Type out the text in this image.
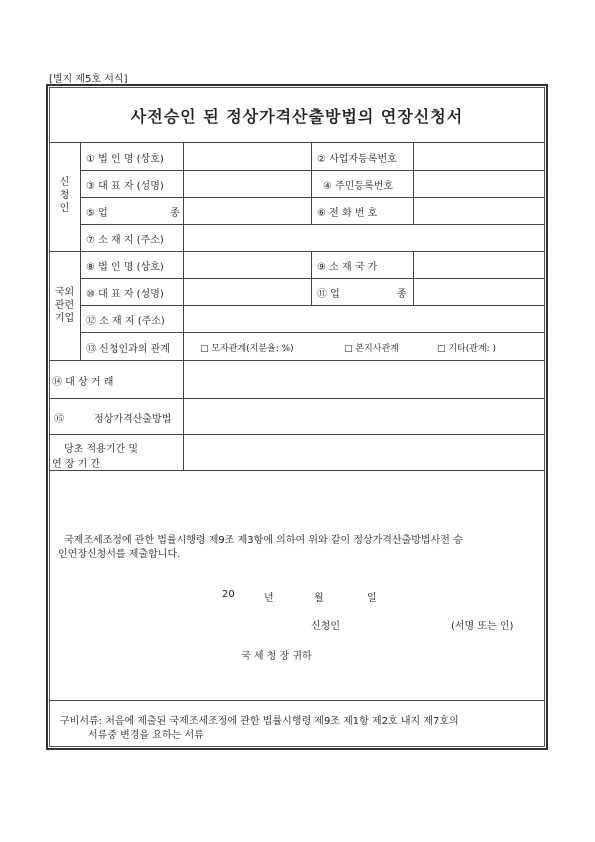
[별지 제5호 서식]
사전승인 된 정상가격산출방법의 연장신청서
신
청
인
① 법 인 명 (상호)	② 사업자등록번호
③ 대 표 자 (성명)	④ 주민등록번호
⑤ 업	종	⑥ 전 화 번 호
⑦ 소 재 지 (주소)
국외
관련
기업
⑧ 법 인 명 (상호)	⑨ 소 재 국 가
⑩ 대 표 자 (성명)	⑪ 업	종
⑫ 소 재 지 (주소)
⑬ 신청인과의 관계	□ 모자관계(지분율: %)	□ 본지사관계	□ 기타(관계: )
⑭ 대 상 거 래
⑮	정상가격산출방법
당초 적용기간 및
연 장 기 간
국제조세조정에 관한 법률시행령 제9조 제3항에 의하여 위와 같이 정상가격산출방법사전 승
인연장신청서를 제출합니다.
20	년	월	일
신청인	(서명 또는 인)
국 세 청 장 귀하
구비서류: 처음에 제출된 국제조세조정에 관한 법률시행령 제9조 제1항 제2호 내지 제7호의
서류중 변경을 요하는 서류
